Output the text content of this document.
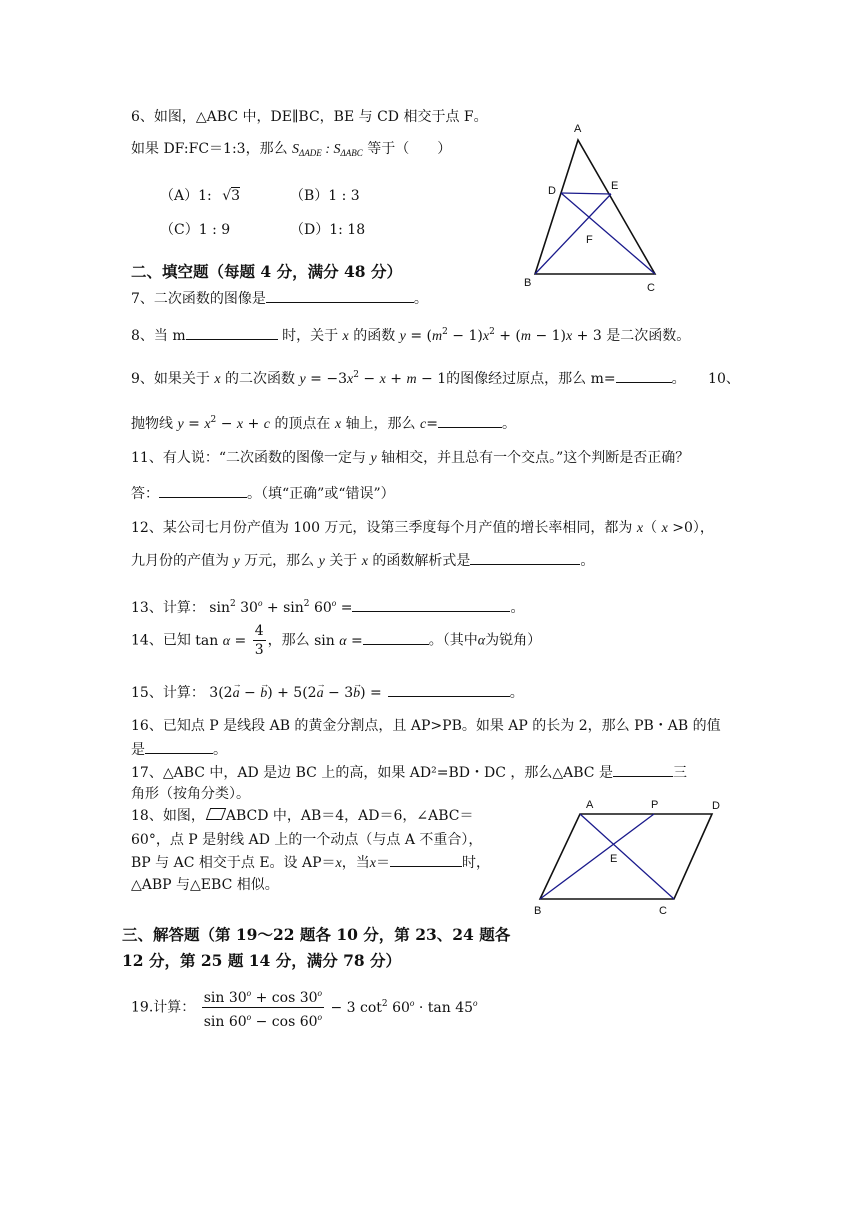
6、如图，△ABC 中，DE∥BC，BE 与 CD 相交于点 F。
如果 DF:FC＝1:3，那么 $S_{\Delta ADE}$ : $S_{\Delta ABC}$ 等于（　　）
（A）1: √3	（B）1 : 3
（C）1 : 9	（D）1: 18
A
D	E
F
B	C
二、填空题（每题 4 分，满分 48 分）
7、二次函数的图像是	。
8、当 m	时，关于 x 的函数 $y = (m^2 - 1)x^2 + (m - 1)x + 3$ 是二次函数。
9、如果关于 x 的二次函数 $y = -3x^2 - x + m - 1$的图像经过原点，那么 m=	。 10、
抛物线 $y = x^2 - x + c$ 的顶点在 x 轴上，那么 c=	。
11、有人说：“二次函数的图像一定与 y 轴相交，并且总有一个交点。”这个判断是否正确？
答：	。（填“正确”或“错误”）
12、某公司七月份产值为 100 万元，设第三季度每个月产值的增长率相同，都为 x（ x >0），
九月份的产值为 y 万元，那么 y 关于 x 的函数解析式是	。
13、计算： $\sin^2 30^o + \sin^2 60^o$ =	。
14、已知 $\tan \alpha = \frac{4}{3}$ ，那么 sin α =	。（其中α为锐角）
15、计算： 3(2→ a − → b) + 5(2→ a − 3→ b) =	。
16、已知点 P 是线段 AB 的黄金分割点，且 AP>PB。如果 AP 的长为 2，那么 PB・AB 的值
是	。
17、△ABC 中，AD 是边 BC 上的高，如果 AD²=BD・DC ，那么△ABC 是	三
角形（按角分类）。
18、如图， ABCD 中，AB＝4，AD＝6，∠ABC＝
60°，点 P 是射线 AD 上的一个动点（与点 A 不重合），
BP 与 AC 相交于点 E。设 AP＝x，当x＝	时，
△ABP 与△EBC 相似。
A	P	D
E
B	C
三、解答题（第 19～22 题各 10 分，第 23、24 题各
12 分，第 25 题 14 分，满分 78 分）
19.计算： $\frac{\sin 30^o + \cos 30^o}{\sin 60^o - \cos 60^o} - 3$ $\cot^2 60^o \cdot \tan 45^o$
